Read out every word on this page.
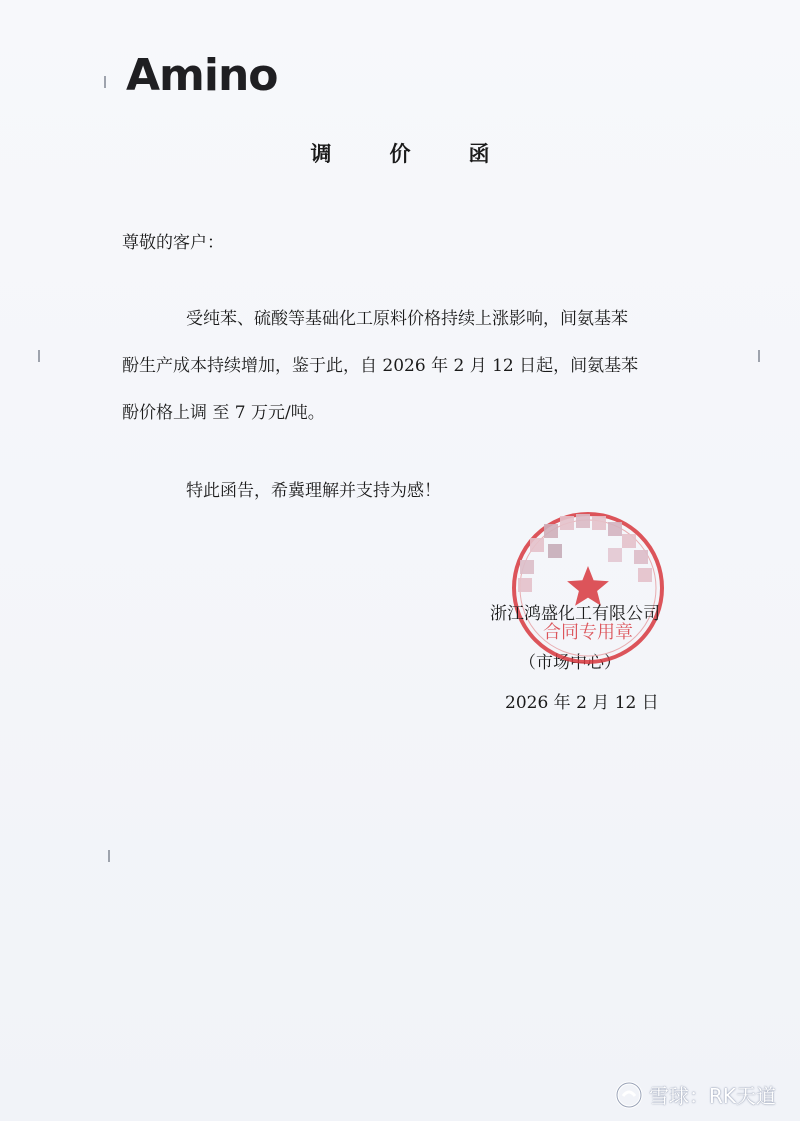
Amino
调	价	函
尊敬的客户：

受纯苯、硫酸等基础化工原料价格持续上涨影响，间氨基苯

酚生产成本持续增加，鉴于此，自 2026 年 2 月 12 日起，间氨基苯

酚价格上调 至 7 万元/吨。

特此函告，希冀理解并支持为感！
合同专用章
浙江鸿盛化工有限公司
（市场中心）
2026 年 2 月 12 日
雪球：RK天道
